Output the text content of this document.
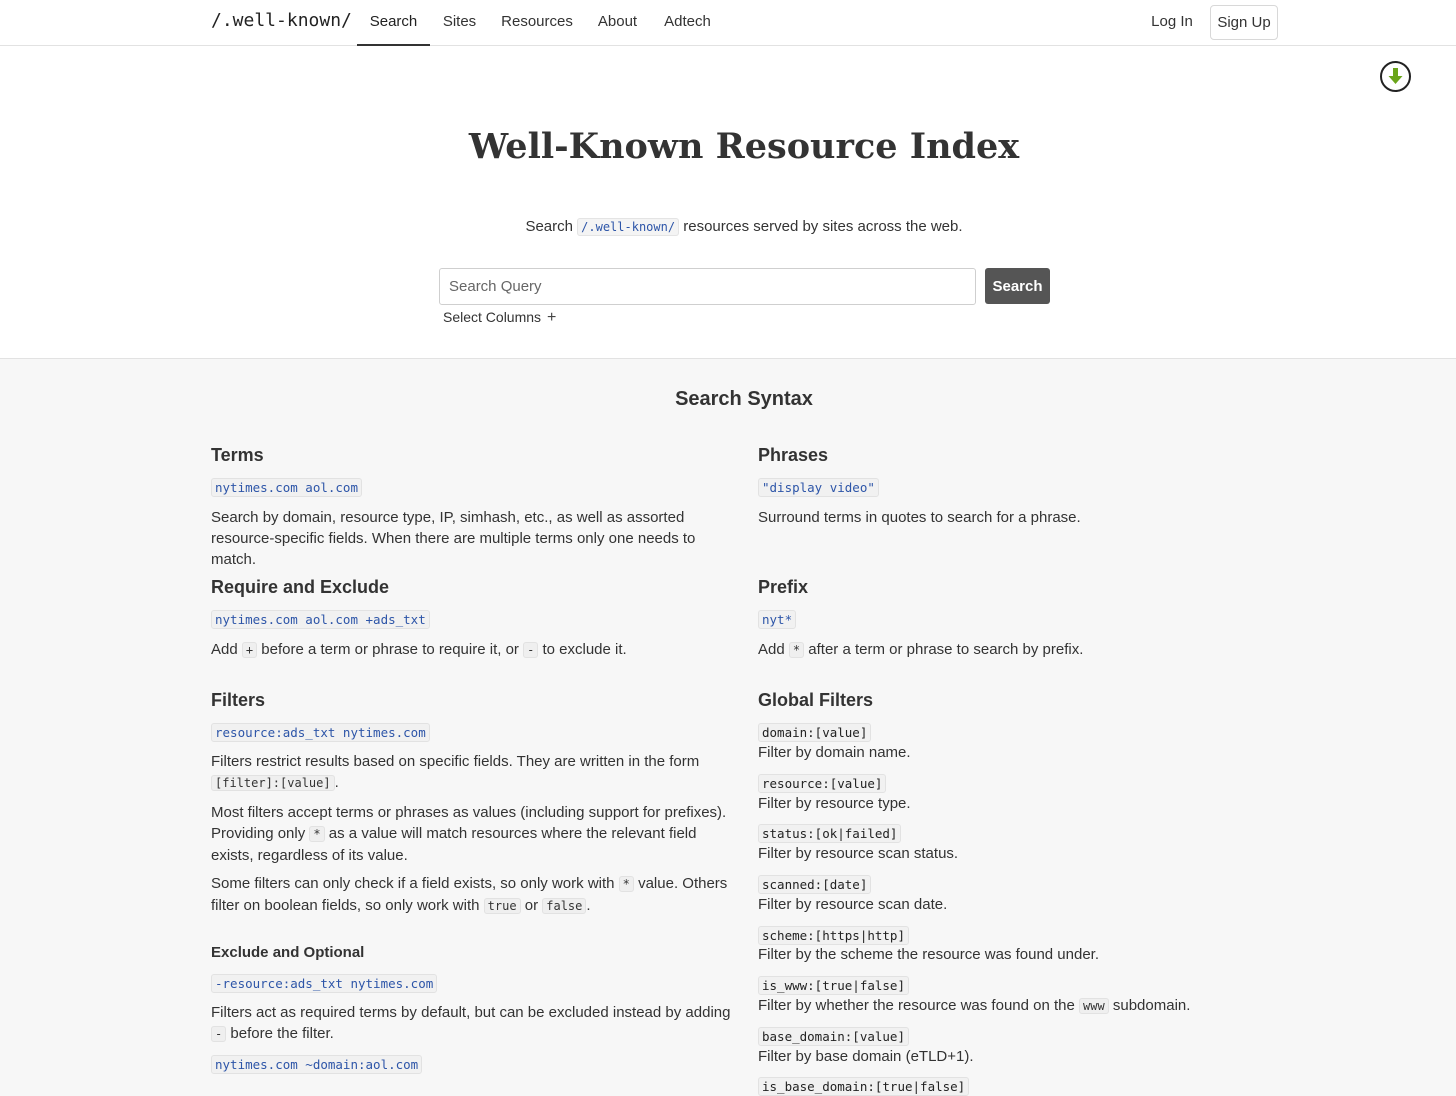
/.well-known/	Search	Sites	Resources	About	Adtech	Log In	Sign Up
Well-Known Resource Index
Search /.well-known/ resources served by sites across the web.
Search Query
Search
Select Columns +
Search Syntax
Terms
nytimes.com aol.com

Search by domain, resource type, IP, simhash, etc., as well as assorted resource-specific fields. When there are multiple terms only one needs to match.

Require and Exclude
nytimes.com aol.com +ads_txt

Add + before a term or phrase to require it, or - to exclude it.

Filters
resource:ads_txt nytimes.com

Filters restrict results based on specific fields. They are written in the form [filter]:[value] .

Most filters accept terms or phrases as values (including support for prefixes). Providing only * as a value will match resources where the relevant field exists, regardless of its value.

Some filters can only check if a field exists, so only work with * value. Others filter on boolean fields, so only work with true or false .

Exclude and Optional
-resource:ads_txt nytimes.com

Filters act as required terms by default, but can be excluded instead by adding - before the filter.

nytimes.com ~domain:aol.com
Phrases
"display video"

Surround terms in quotes to search for a phrase.

Prefix
nyt*

Add * after a term or phrase to search by prefix.

Global Filters
domain:[value]
Filter by domain name.
resource:[value]
Filter by resource type.
status:[ok|failed]
Filter by resource scan status.
scanned:[date]
Filter by resource scan date.
scheme:[https|http]
Filter by the scheme the resource was found under.
is_www:[true|false]
Filter by whether the resource was found on the www subdomain.
base_domain:[value]
Filter by base domain (eTLD+1).
is_base_domain:[true|false]
